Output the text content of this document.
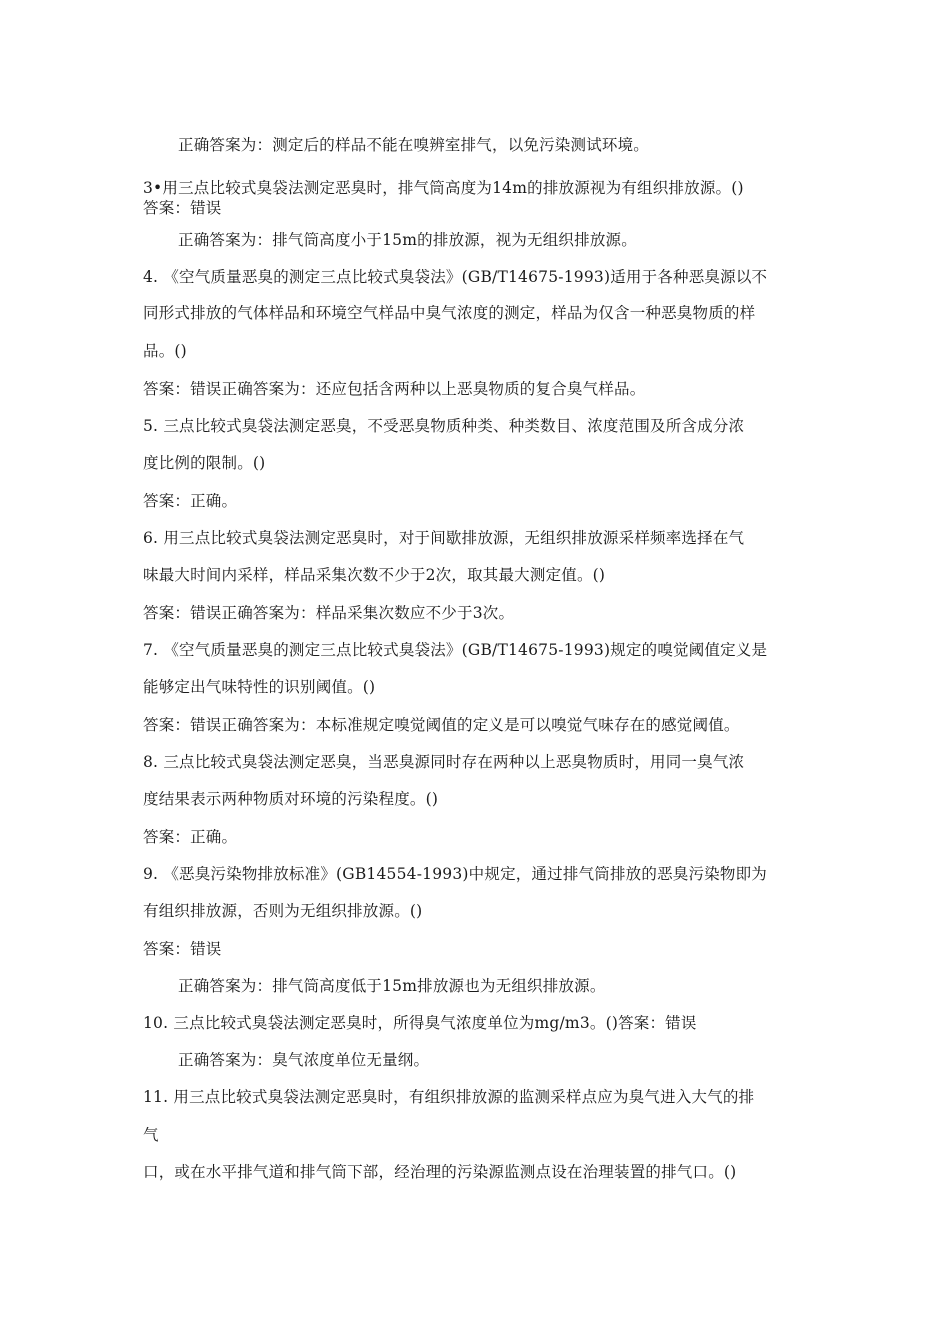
正确答案为：测定后的样品不能在嗅辨室排气，以免污染测试环境。
3•用三点比较式臭袋法测定恶臭时，排气筒高度为14m的排放源视为有组织排放源。()
答案：错误
正确答案为：排气筒高度小于15m的排放源，视为无组织排放源。
4. 《空气质量恶臭的测定三点比较式臭袋法》(GB/T14675-1993)适用于各种恶臭源以不
同形式排放的气体样品和环境空气样品中臭气浓度的测定，样品为仅含一种恶臭物质的样
品。()
答案：错误正确答案为：还应包括含两种以上恶臭物质的复合臭气样品。
5. 三点比较式臭袋法测定恶臭，不受恶臭物质种类、种类数目、浓度范围及所含成分浓
度比例的限制。()
答案：正确。
6. 用三点比较式臭袋法测定恶臭时，对于间歇排放源，无组织排放源采样频率选择在气
味最大时间内采样，样品采集次数不少于2次，取其最大测定值。()
答案：错误正确答案为：样品采集次数应不少于3次。
7. 《空气质量恶臭的测定三点比较式臭袋法》(GB/T14675-1993)规定的嗅觉阈值定义是
能够定出气味特性的识别阈值。()
答案：错误正确答案为：本标准规定嗅觉阈值的定义是可以嗅觉气味存在的感觉阈值。
8. 三点比较式臭袋法测定恶臭，当恶臭源同时存在两种以上恶臭物质时，用同一臭气浓
度结果表示两种物质对环境的污染程度。()
答案：正确。
9. 《恶臭污染物排放标准》(GB14554-1993)中规定，通过排气筒排放的恶臭污染物即为
有组织排放源，否则为无组织排放源。()
答案：错误
正确答案为：排气筒高度低于15m排放源也为无组织排放源。
10. 三点比较式臭袋法测定恶臭时，所得臭气浓度单位为mg/m3。()答案：错误
正确答案为：臭气浓度单位无量纲。
11. 用三点比较式臭袋法测定恶臭时，有组织排放源的监测采样点应为臭气进入大气的排
气
口，或在水平排气道和排气筒下部，经治理的污染源监测点设在治理装置的排气口。()
